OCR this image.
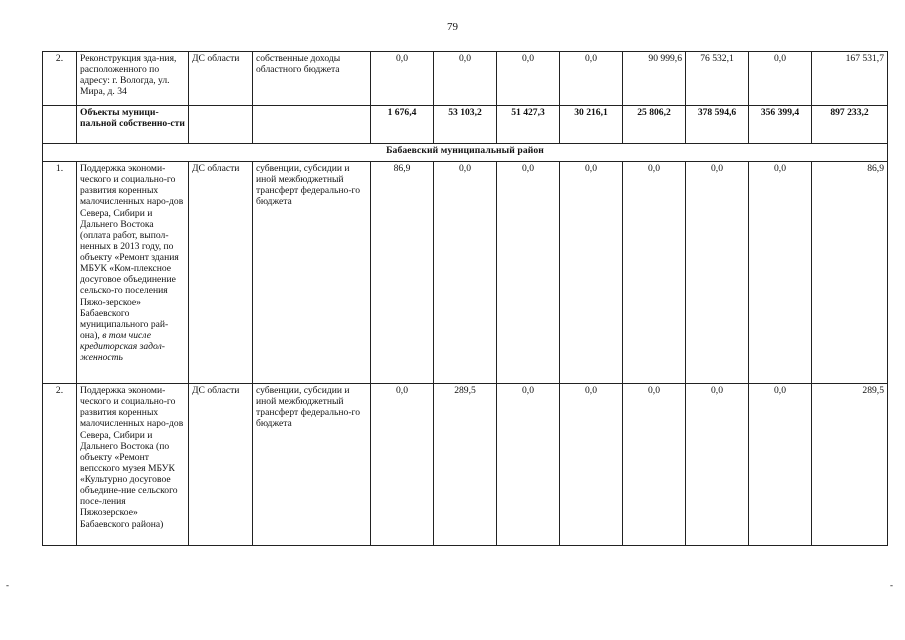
79
2.	Реконструкция зда-ния, расположенного по адресу: г. Вологда, ул. Мира, д. 34	ДС области	собственные доходы областного бюджета	0,0	0,0	0,0	0,0	90 999,6	76 532,1	0,0	167 531,7
	Объекты муници-пальной собственно-сти			1 676,4	53 103,2	51 427,3	30 216,1	25 806,2	378 594,6	356 399,4	897 233,2
Бабаевский муниципальный район											
1.	Поддержка экономи-ческого и социально-го развития коренных малочисленных наро-дов Севера, Сибири и Дальнего Востока (оплата работ, выпол-ненных в 2013 году, по объекту «Ремонт здания МБУК «Ком-плексное досуговое объединение сельско-го поселения Пяжо-зерское» Бабаевского муниципального рай-она), в том числе кредиторская задол-женность	ДС области	субвенции, субсидии и иной межбюджетный трансферт федерально-го бюджета	86,9	0,0	0,0	0,0	0,0	0,0	0,0	86,9
2.	Поддержка экономи-ческого и социально-го развития коренных малочисленных наро-дов Севера, Сибири и Дальнего Востока (по объекту «Ремонт вепсского музея МБУК «Культурно досуговое объедине-ние сельского посе-ления Пяжозерское» Бабаевского района)	ДС области	субвенции, субсидии и иной межбюджетный трансферт федерально-го бюджета	0,0	289,5	0,0	0,0	0,0	0,0	0,0	289,5
-	-
